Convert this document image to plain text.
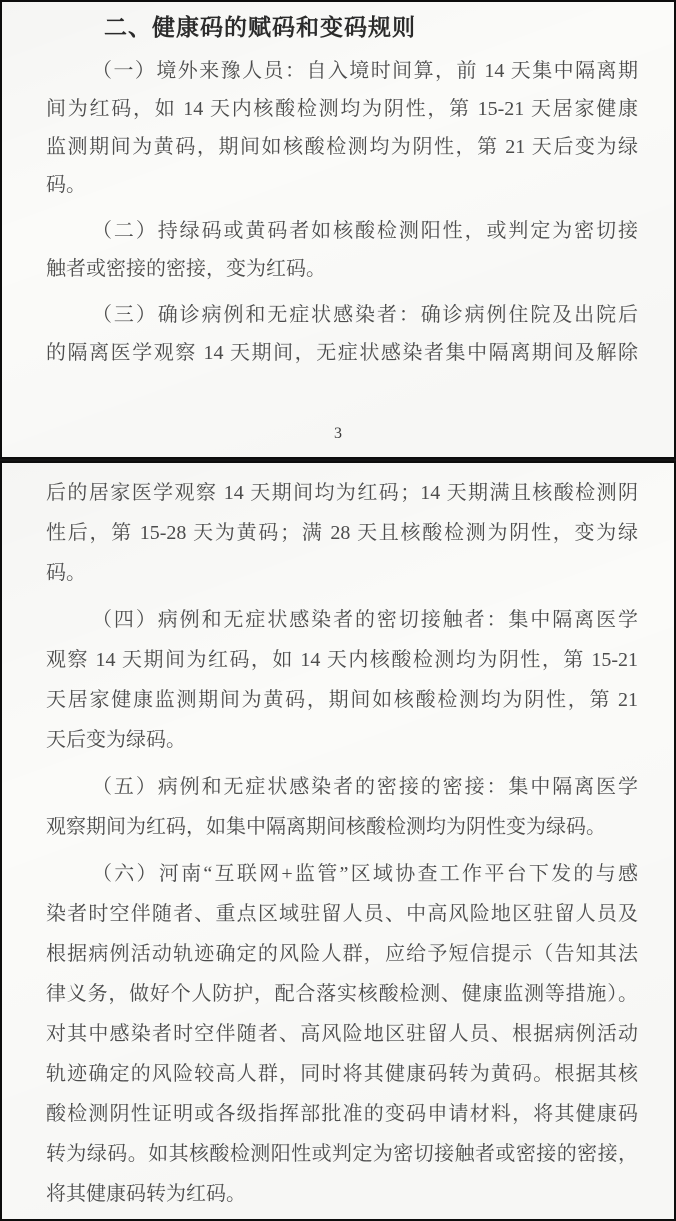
二、健康码的赋码和变码规则
（一）境外来豫人员：自入境时间算，前 14 天集中隔离期
间为红码，如 14 天内核酸检测均为阴性，第 15-21 天居家健康
监测期间为黄码，期间如核酸检测均为阴性，第 21 天后变为绿
码。
（二）持绿码或黄码者如核酸检测阳性，或判定为密切接
触者或密接的密接，变为红码。
（三）确诊病例和无症状感染者：确诊病例住院及出院后
的隔离医学观察 14 天期间，无症状感染者集中隔离期间及解除
3
后的居家医学观察 14 天期间均为红码；14 天期满且核酸检测阴
性后，第 15-28 天为黄码；满 28 天且核酸检测为阴性，变为绿
码。
（四）病例和无症状感染者的密切接触者：集中隔离医学
观察 14 天期间为红码，如 14 天内核酸检测均为阴性，第 15-21
天居家健康监测期间为黄码，期间如核酸检测均为阴性，第 21
天后变为绿码。
（五）病例和无症状感染者的密接的密接：集中隔离医学
观察期间为红码，如集中隔离期间核酸检测均为阴性变为绿码。
（六）河南“互联网+监管”区域协查工作平台下发的与感
染者时空伴随者、重点区域驻留人员、中高风险地区驻留人员及
根据病例活动轨迹确定的风险人群，应给予短信提示（告知其法
律义务，做好个人防护，配合落实核酸检测、健康监测等措施）。
对其中感染者时空伴随者、高风险地区驻留人员、根据病例活动
轨迹确定的风险较高人群，同时将其健康码转为黄码。根据其核
酸检测阴性证明或各级指挥部批准的变码申请材料，将其健康码
转为绿码。如其核酸检测阳性或判定为密切接触者或密接的密接，
将其健康码转为红码。
